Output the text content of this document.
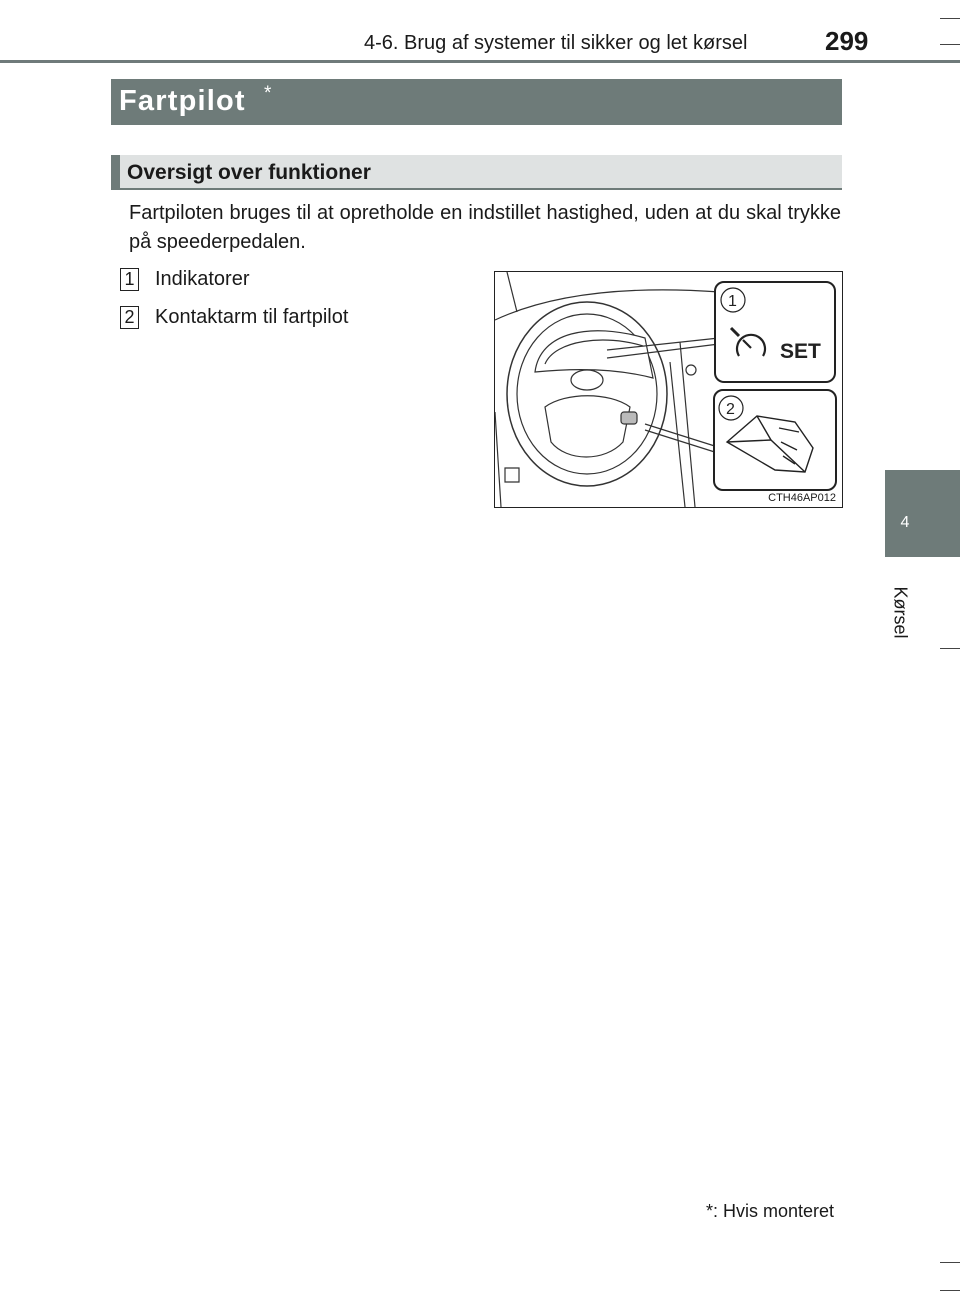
4-6. Brug af systemer til sikker og let kørsel	299
Fartpilot *
Oversigt over funktioner
Fartpiloten bruges til at opretholde en indstillet hastighed, uden at du skal trykke på speederpedalen.
1 Indikatorer
2 Kontaktarm til fartpilot
1
SET
2
CTH46AP012
4
Kørsel
*: Hvis monteret
